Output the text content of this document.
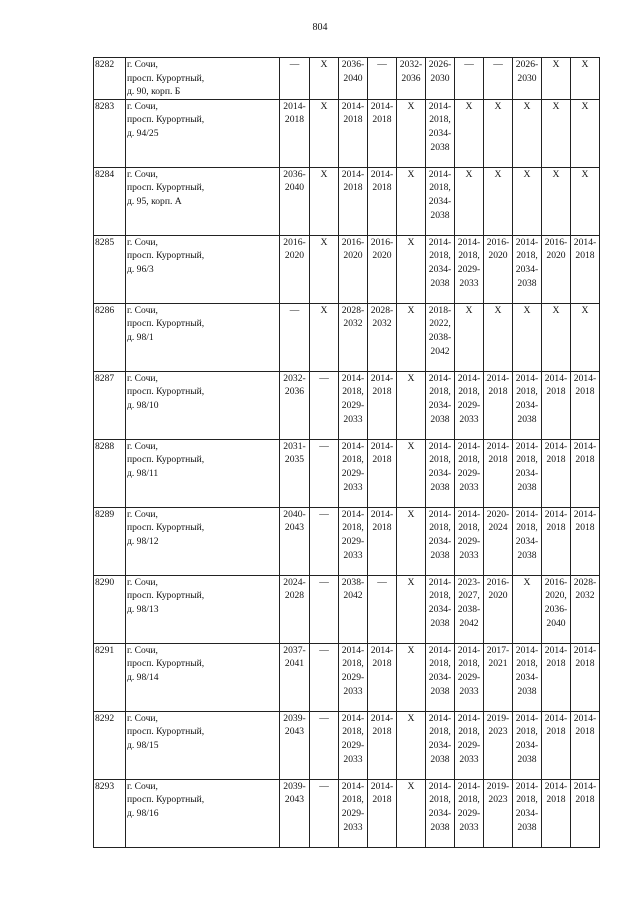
804
8282	г. Сочи,
просп. Курортный,
д. 90, корп. Б	—	Х	2036-
2040	—	2032-
2036	2026-
2030	—	—	2026-
2030	Х	Х
8283	г. Сочи,
просп. Курортный,
д. 94/25	2014-
2018	Х	2014-
2018	2014-
2018	Х	2014-
2018,
2034-
2038	Х	Х	Х	Х	Х
8284	г. Сочи,
просп. Курортный,
д. 95, корп. А	2036-
2040	Х	2014-
2018	2014-
2018	Х	2014-
2018,
2034-
2038	Х	Х	Х	Х	Х
8285	г. Сочи,
просп. Курортный,
д. 96/3	2016-
2020	Х	2016-
2020	2016-
2020	Х	2014-
2018,
2034-
2038	2014-
2018,
2029-
2033	2016-
2020	2014-
2018,
2034-
2038	2016-
2020	2014-
2018
8286	г. Сочи,
просп. Курортный,
д. 98/1	—	Х	2028-
2032	2028-
2032	Х	2018-
2022,
2038-
2042	Х	Х	Х	Х	Х
8287	г. Сочи,
просп. Курортный,
д. 98/10	2032-
2036	—	2014-
2018,
2029-
2033	2014-
2018	Х	2014-
2018,
2034-
2038	2014-
2018,
2029-
2033	2014-
2018	2014-
2018,
2034-
2038	2014-
2018	2014-
2018
8288	г. Сочи,
просп. Курортный,
д. 98/11	2031-
2035	—	2014-
2018,
2029-
2033	2014-
2018	Х	2014-
2018,
2034-
2038	2014-
2018,
2029-
2033	2014-
2018	2014-
2018,
2034-
2038	2014-
2018	2014-
2018
8289	г. Сочи,
просп. Курортный,
д. 98/12	2040-
2043	—	2014-
2018,
2029-
2033	2014-
2018	Х	2014-
2018,
2034-
2038	2014-
2018,
2029-
2033	2020-
2024	2014-
2018,
2034-
2038	2014-
2018	2014-
2018
8290	г. Сочи,
просп. Курортный,
д. 98/13	2024-
2028	—	2038-
2042	—	Х	2014-
2018,
2034-
2038	2023-
2027,
2038-
2042	2016-
2020	Х	2016-
2020,
2036-
2040	2028-
2032
8291	г. Сочи,
просп. Курортный,
д. 98/14	2037-
2041	—	2014-
2018,
2029-
2033	2014-
2018	Х	2014-
2018,
2034-
2038	2014-
2018,
2029-
2033	2017-
2021	2014-
2018,
2034-
2038	2014-
2018	2014-
2018
8292	г. Сочи,
просп. Курортный,
д. 98/15	2039-
2043	—	2014-
2018,
2029-
2033	2014-
2018	Х	2014-
2018,
2034-
2038	2014-
2018,
2029-
2033	2019-
2023	2014-
2018,
2034-
2038	2014-
2018	2014-
2018
8293	г. Сочи,
просп. Курортный,
д. 98/16	2039-
2043	—	2014-
2018,
2029-
2033	2014-
2018	Х	2014-
2018,
2034-
2038	2014-
2018,
2029-
2033	2019-
2023	2014-
2018,
2034-
2038	2014-
2018	2014-
2018
